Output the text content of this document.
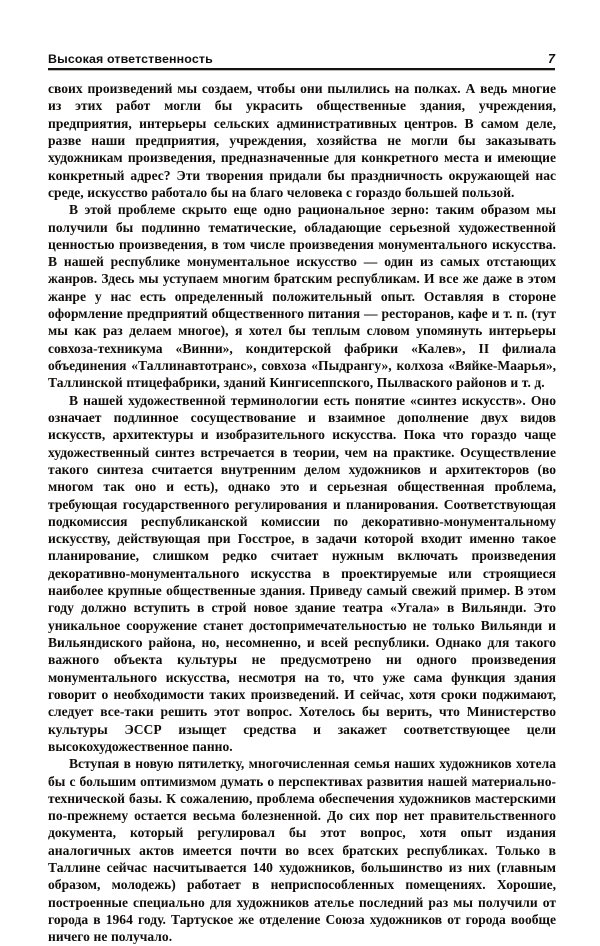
Высокая ответственность	7

своих произведений мы создаем, чтобы они пылились на полках. А ведь многие из этих работ могли бы украсить общественные здания, учреждения, предприятия, интерьеры сельских административных центров. В самом деле, разве наши предприятия, учреждения, хозяйства не могли бы заказывать художникам произведения, предназначенные для конкретного места и имеющие конкретный адрес? Эти творения придали бы праздничность окружающей нас среде, искусство работало бы на благо человека с гораздо большей пользой.

В этой проблеме скрыто еще одно рациональное зерно: таким образом мы получили бы подлинно тематические, обладающие серьезной художественной ценностью произведения, в том числе произведения монументального искусства. В нашей республике монументальное искусство — один из самых отстающих жанров. Здесь мы уступаем многим братским республикам. И все же даже в этом жанре у нас есть определенный положительный опыт. Оставляя в стороне оформление предприятий общественного питания — ресторанов, кафе и т. п. (тут мы как раз делаем многое), я хотел бы теплым словом упомянуть интерьеры совхоза-техникума «Винни», кондитерской фабрики «Калев», II филиала объединения «Таллинавтотранс», совхоза «Пыдрангу», колхоза «Вяйке-Маарья», Таллинской птицефабрики, зданий Кингисеппского, Пылваского районов и т. д.

В нашей художественной терминологии есть понятие «синтез искусств». Оно означает подлинное сосуществование и взаимное дополнение двух видов искусств, архитектуры и изобразительного искусства. Пока что гораздо чаще художественный синтез встречается в теории, чем на практике. Осуществление такого синтеза считается внутренним делом художников и архитекторов (во многом так оно и есть), однако это и серьезная общественная проблема, требующая государственного регулирования и планирования. Соответствующая подкомиссия республиканской комиссии по декоративно-монументальному искусству, действующая при Госстрое, в задачи которой входит именно такое планирование, слишком редко считает нужным включать произведения декоративно-монументального искусства в проектируемые или строящиеся наиболее крупные общественные здания. Приведу самый свежий пример. В этом году должно вступить в строй новое здание театра «Угала» в Вильянди. Это уникальное сооружение станет достопримечательностью не только Вильянди и Вильяндиского района, но, несомненно, и всей республики. Однако для такого важного объекта культуры не предусмотрено ни одного произведения монументального искусства, несмотря на то, что уже сама функция здания говорит о необходимости таких произведений. И сейчас, хотя сроки поджимают, следует все-таки решить этот вопрос. Хотелось бы верить, что Министерство культуры ЭССР изыщет средства и закажет соответствующее цели высокохудожественное панно.

Вступая в новую пятилетку, многочисленная семья наших художников хотела бы с большим оптимизмом думать о перспективах развития нашей материально-технической базы. К сожалению, проблема обеспечения художников мастерскими по-прежнему остается весьма болезненной. До сих пор нет правительственного документа, который регулировал бы этот вопрос, хотя опыт издания аналогичных актов имеется почти во всех братских республиках. Только в Таллине сейчас насчитывается 140 художников, большинство из них (главным образом, молодежь) работает в неприспособленных помещениях. Хорошие, построенные специально для художников ателье последний раз мы получили от города в 1964 году. Тартуское же отделение Союза художников от города вообще ничего не получало.
